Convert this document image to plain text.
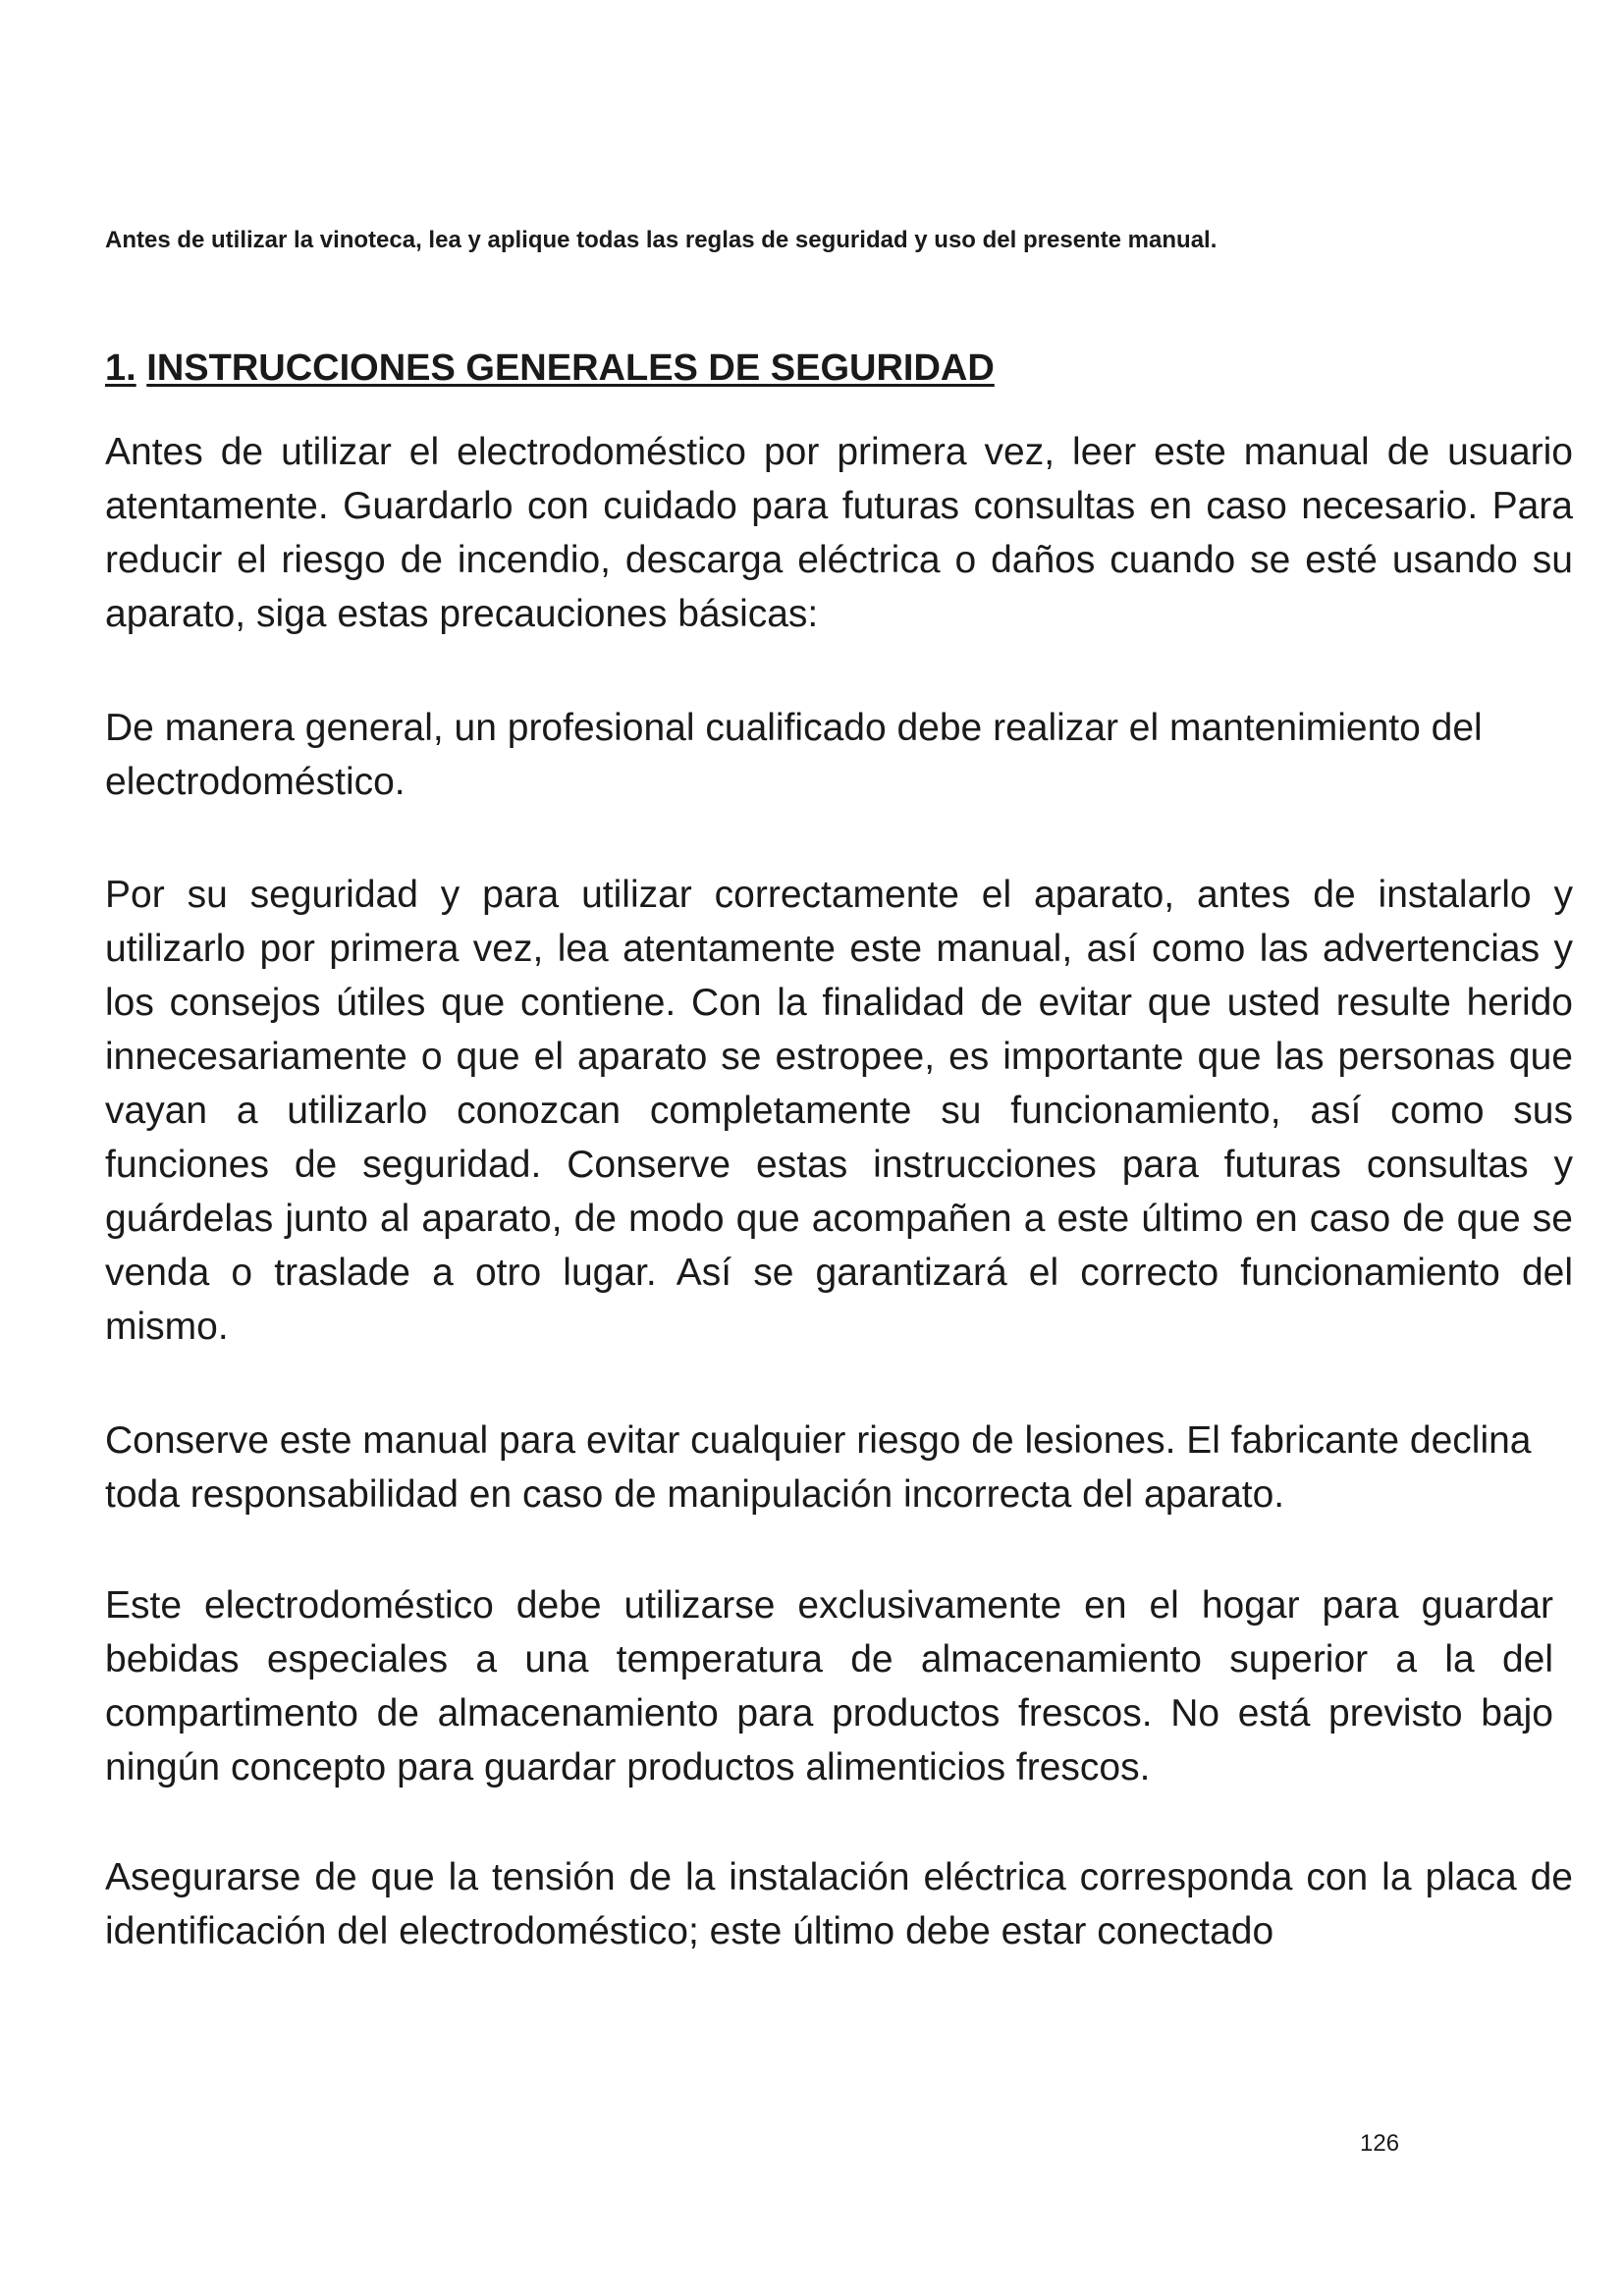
Antes de utilizar la vinoteca, lea y aplique todas las reglas de seguridad y uso del presente manual.
1. INSTRUCCIONES GENERALES DE SEGURIDAD

Antes de utilizar el electrodoméstico por primera vez, leer este manual de usuario atentamente. Guardarlo con cuidado para futuras consultas en caso necesario. Para reducir el riesgo de incendio, descarga eléctrica o daños cuando se esté usando su aparato, siga estas precauciones básicas:

De manera general, un profesional cualificado debe realizar el mantenimiento del electrodoméstico.

Por su seguridad y para utilizar correctamente el aparato, antes de instalarlo y utilizarlo por primera vez, lea atentamente este manual, así como las advertencias y los consejos útiles que contiene. Con la finalidad de evitar que usted resulte herido innecesariamente o que el aparato se estropee, es importante que las personas que vayan a utilizarlo conozcan completamente su funcionamiento, así como sus funciones de seguridad. Conserve estas instrucciones para futuras consultas y guárdelas junto al aparato, de modo que acompañen a este último en caso de que se venda o traslade a otro lugar. Así se garantizará el correcto funcionamiento del mismo.

Conserve este manual para evitar cualquier riesgo de lesiones. El fabricante declina toda responsabilidad en caso de manipulación incorrecta del aparato.

Este electrodoméstico debe utilizarse exclusivamente en el hogar para guardar bebidas especiales a una temperatura de almacenamiento superior a la del compartimento de almacenamiento para productos frescos. No está previsto bajo ningún concepto para guardar productos alimenticios frescos.

Asegurarse de que la tensión de la instalación eléctrica corresponda con la placa de identificación del electrodoméstico; este último debe estar conectado

126
